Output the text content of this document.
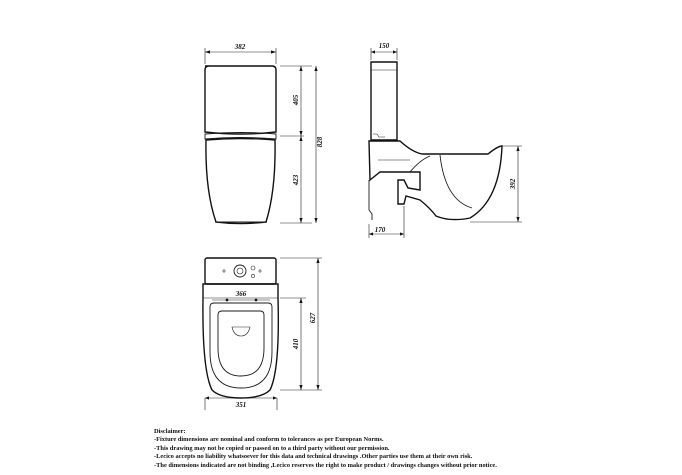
382
405
423
828
150
392
170
366
351
410
627
Disclaimer:
-Fixture dimensions are nominal and conform to tolerances as per European Norms.
-This drawing may not be copied or passed on to a third party without our permission.
-Lecico accepts no liability whatsoever for this data and technical drawings .Other parties use them at their own risk.
-The dimensions indicated are not binding ,Lecico reserves the right to make product / drawings changes without prior notice.
